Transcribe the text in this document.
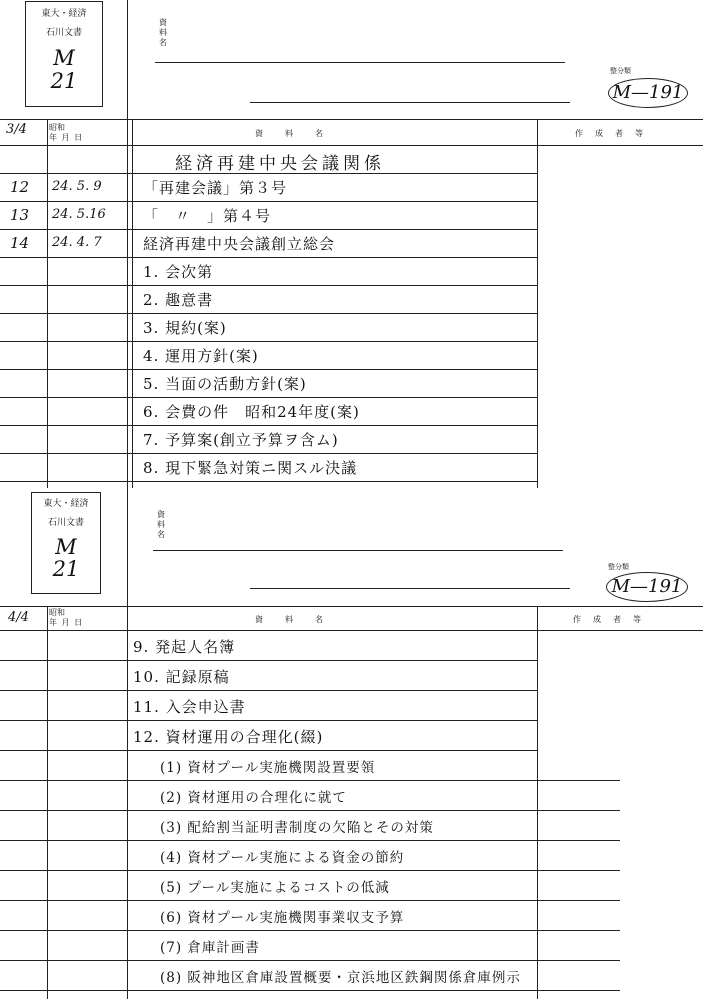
東大・経済
石川文書
M
21
資料名
整分類
M—191
3/4	昭和
年 月 日	資　　料　　名	作　成　者　等
経済再建中央会議関係
12 24. 5. 9	「再建会議」第３号
13 24. 5.16 「　〃　」第４号
14 24. 4. 7	経済再建中央会議創立総会
1. 会次第
2. 趣意書
3. 規約(案)
4. 運用方針(案)
5. 当面の活動方針(案)
6. 会費の件　昭和24年度(案)
7. 予算案(創立予算ヲ含ム)
8. 現下緊急対策ニ関スル決議
東大・経済
石川文書
M
21
資料名
整分類
M—191
4/4	昭和
年 月 日	資　　料　　名	作　成　者　等
9. 発起人名簿
10. 記録原稿
11. 入会申込書
12. 資材運用の合理化(綴)
(1) 資材プール実施機関設置要領
(2) 資材運用の合理化に就て
(3) 配給割当証明書制度の欠陥とその対策
(4) 資材プール実施による資金の節約
(5) プール実施によるコストの低減
(6) 資材プール実施機関事業収支予算
(7) 倉庫計画書
(8) 阪神地区倉庫設置概要・京浜地区鉄鋼関係倉庫例示
